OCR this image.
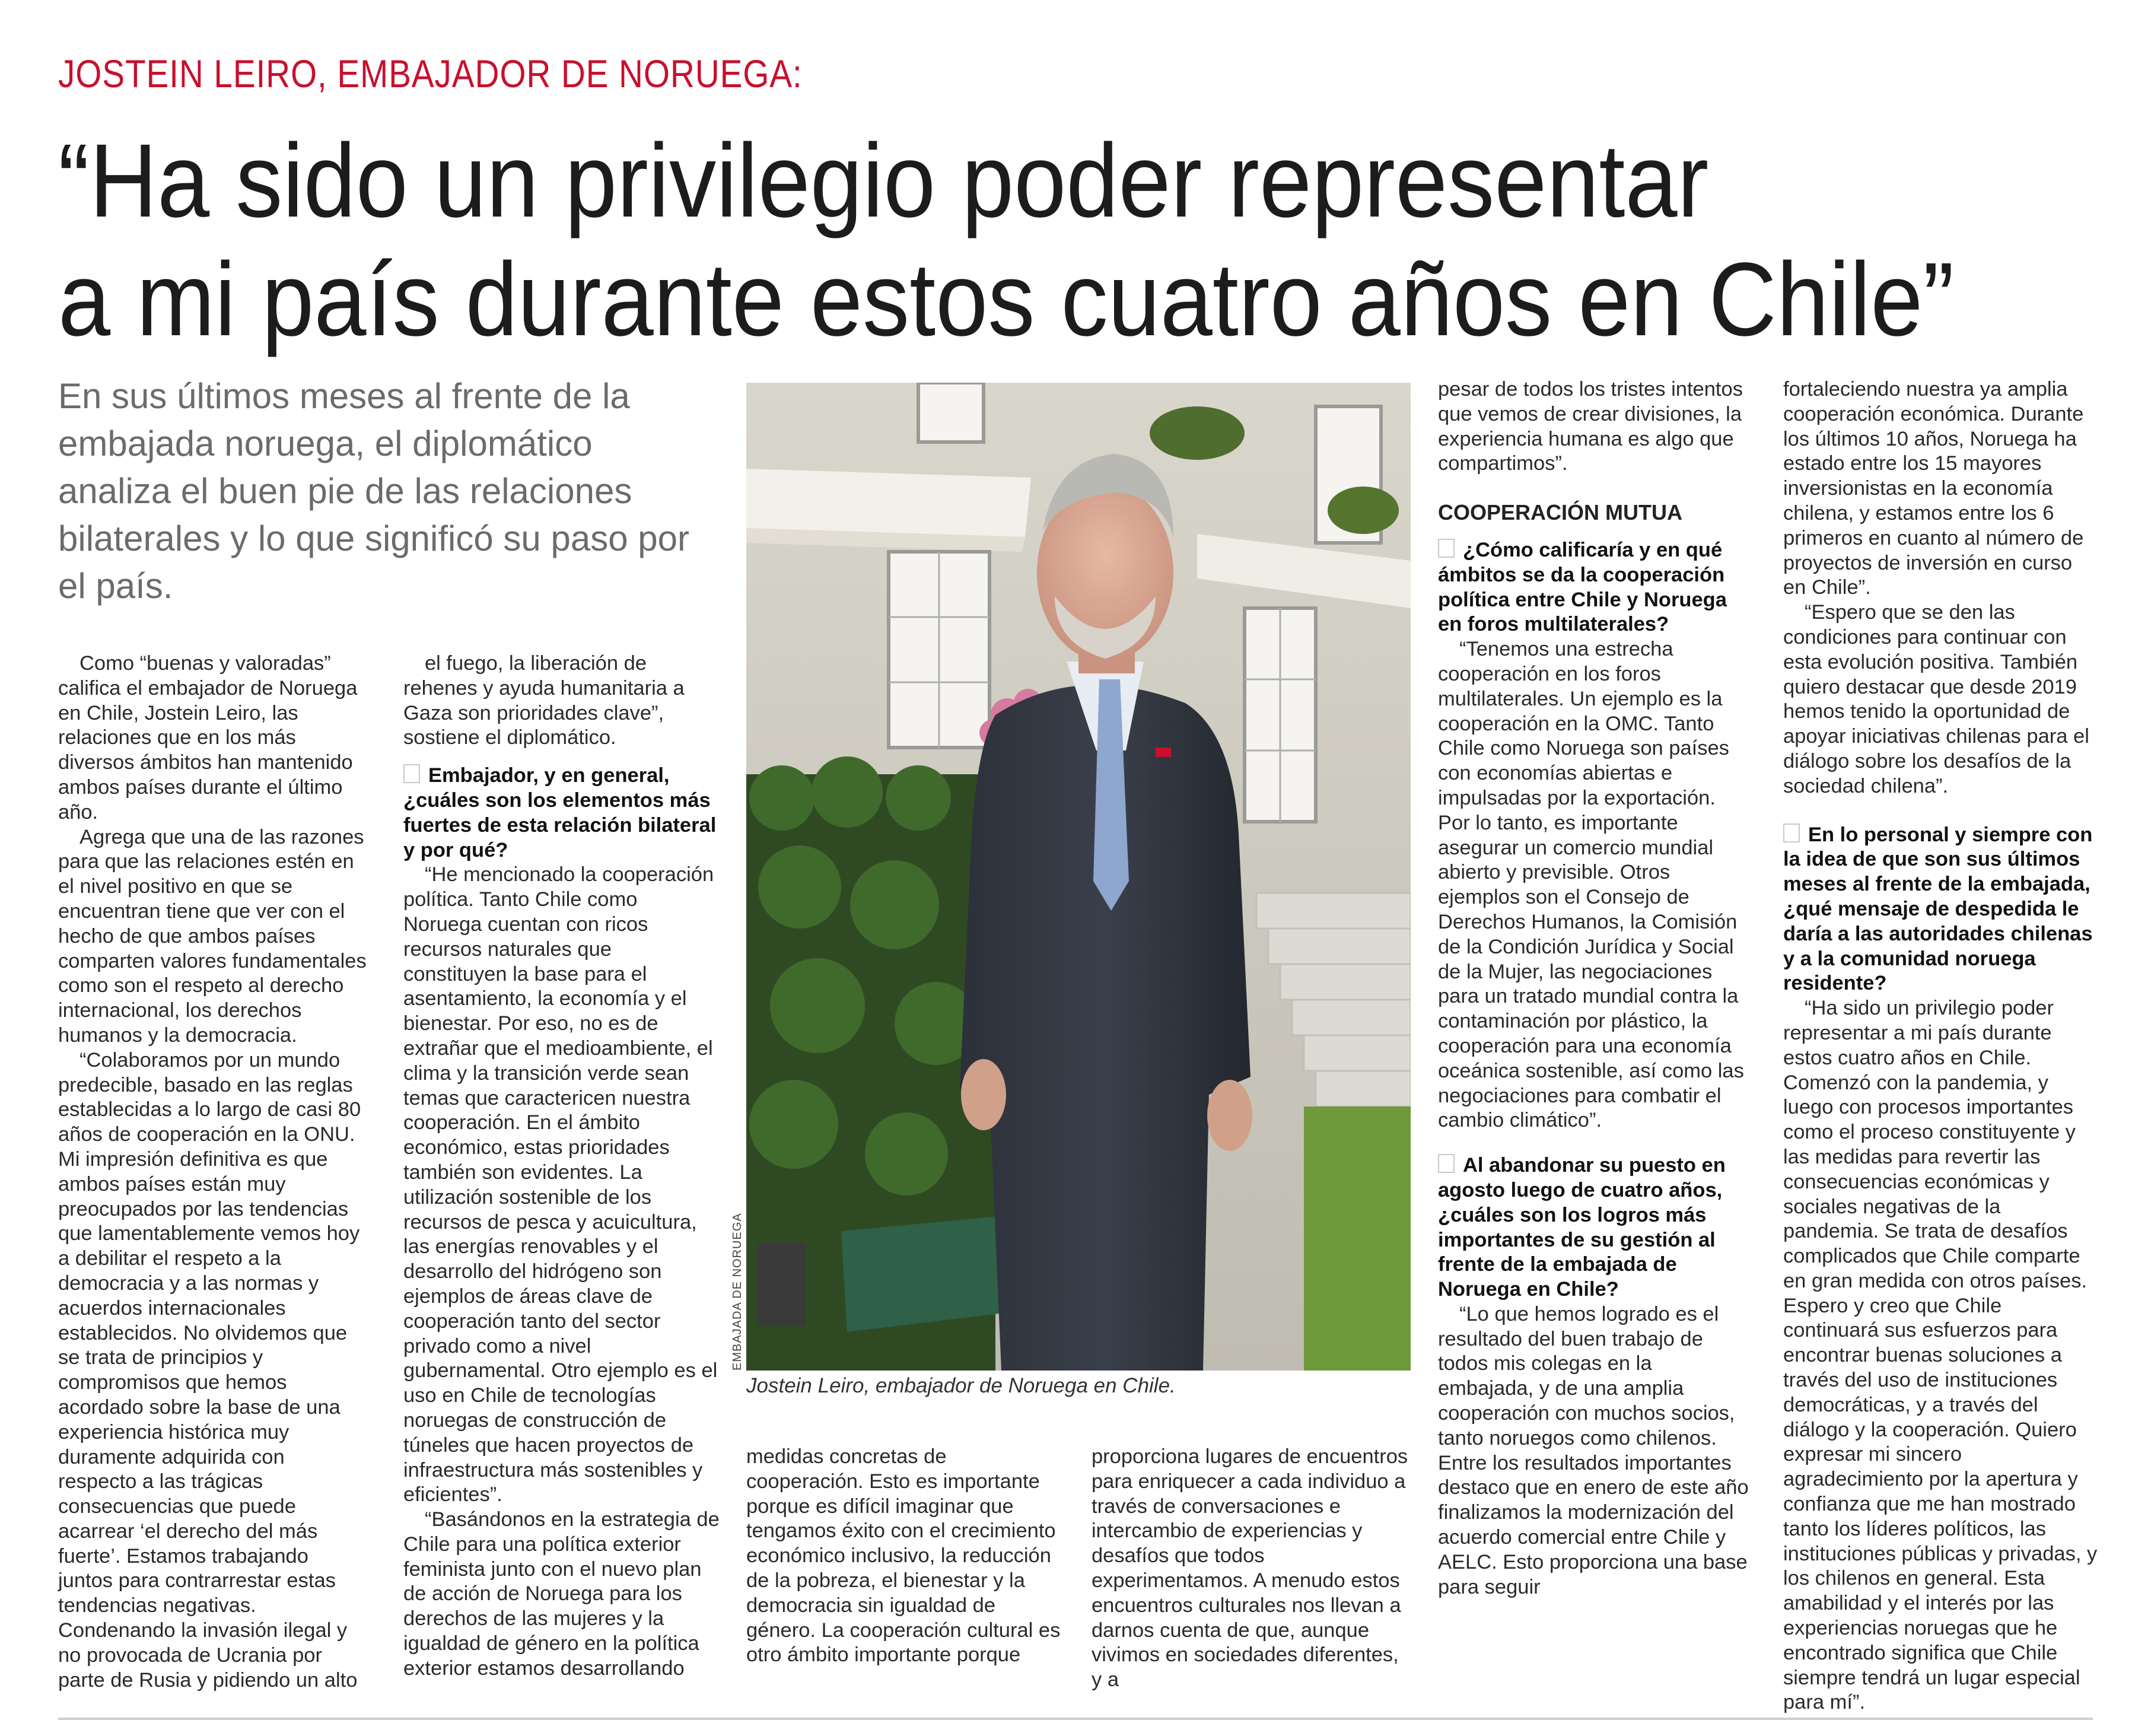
JOSTEIN LEIRO, EMBAJADOR DE NORUEGA:
“Ha sido un privilegio poder representar
a mi país durante estos cuatro años en Chile”

En sus últimos meses al frente de la embajada noruega, el diplomático analiza el buen pie de las relaciones bilaterales y lo que significó su paso por el país.

Como “buenas y valoradas” califica el embajador de Noruega en Chile, Jostein Leiro, las relaciones que en los más diversos ámbitos han mantenido ambos países durante el último año.

Agrega que una de las razones para que las relaciones estén en el nivel positivo en que se encuentran tiene que ver con el hecho de que ambos países comparten valores fundamentales como son el respeto al derecho internacional, los derechos humanos y la democracia.

“Colaboramos por un mundo predecible, basado en las reglas establecidas a lo largo de casi 80 años de cooperación en la ONU. Mi impresión definitiva es que ambos países están muy preocupados por las tendencias que lamentablemente vemos hoy a debilitar el respeto a la democracia y a las normas y acuerdos internacionales establecidos. No olvidemos que se trata de principios y compromisos que hemos acordado sobre la base de una experiencia histórica muy duramente adquirida con respecto a las trágicas consecuencias que puede acarrear ‘el derecho del más fuerte’. Estamos trabajando juntos para contrarrestar estas tendencias negativas. Condenando la invasión ilegal y no provocada de Ucrania por parte de Rusia y pidiendo un alto

el fuego, la liberación de rehenes y ayuda humanitaria a Gaza son prioridades clave”, sostiene el diplomático.

Embajador, y en general, ¿cuáles son los elementos más fuertes de esta relación bilateral y por qué?

“He mencionado la cooperación política. Tanto Chile como Noruega cuentan con ricos recursos naturales que constituyen la base para el asentamiento, la economía y el bienestar. Por eso, no es de extrañar que el medioambiente, el clima y la transición verde sean temas que caractericen nuestra cooperación. En el ámbito económico, estas prioridades también son evidentes. La utilización sostenible de los recursos de pesca y acuicultura, las energías renovables y el desarrollo del hidrógeno son ejemplos de áreas clave de cooperación tanto del sector privado como a nivel gubernamental. Otro ejemplo es el uso en Chile de tecnologías noruegas de construcción de túneles que hacen proyectos de infraestructura más sostenibles y eficientes”.

“Basándonos en la estrategia de Chile para una política exterior feminista junto con el nuevo plan de acción de Noruega para los derechos de las mujeres y la igualdad de género en la política exterior estamos desarrollando

EMBAJADA DE NORUEGA
Jostein Leiro, embajador de Noruega en Chile.

medidas concretas de cooperación. Esto es importante porque es difícil imaginar que tengamos éxito con el crecimiento económico inclusivo, la reducción de la pobreza, el bienestar y la democracia sin igualdad de género. La cooperación cultural es otro ámbito importante porque

proporciona lugares de encuentros para enriquecer a cada individuo a través de conversaciones e intercambio de experiencias y desafíos que todos experimentamos. A menudo estos encuentros culturales nos llevan a darnos cuenta de que, aunque vivimos en sociedades diferentes, y a

pesar de todos los tristes intentos que vemos de crear divisiones, la experiencia humana es algo que compartimos”.

COOPERACIÓN MUTUA

¿Cómo calificaría y en qué ámbitos se da la cooperación política entre Chile y Noruega en foros multilaterales?

“Tenemos una estrecha cooperación en los foros multilaterales. Un ejemplo es la cooperación en la OMC. Tanto Chile como Noruega son países con economías abiertas e impulsadas por la exportación. Por lo tanto, es importante asegurar un comercio mundial abierto y previsible. Otros ejemplos son el Consejo de Derechos Humanos, la Comisión de la Condición Jurídica y Social de la Mujer, las negociaciones para un tratado mundial contra la contaminación por plástico, la cooperación para una economía oceánica sostenible, así como las negociaciones para combatir el cambio climático”.

Al abandonar su puesto en agosto luego de cuatro años, ¿cuáles son los logros más importantes de su gestión al frente de la embajada de Noruega en Chile?

“Lo que hemos logrado es el resultado del buen trabajo de todos mis colegas en la embajada, y de una amplia cooperación con muchos socios, tanto noruegos como chilenos. Entre los resultados importantes destaco que en enero de este año finalizamos la modernización del acuerdo comercial entre Chile y AELC. Esto proporciona una base para seguir

fortaleciendo nuestra ya amplia cooperación económica. Durante los últimos 10 años, Noruega ha estado entre los 15 mayores inversionistas en la economía chilena, y estamos entre los 6 primeros en cuanto al número de proyectos de inversión en curso en Chile”.

“Espero que se den las condiciones para continuar con esta evolución positiva. También quiero destacar que desde 2019 hemos tenido la oportunidad de apoyar iniciativas chilenas para el diálogo sobre los desafíos de la sociedad chilena”.

En lo personal y siempre con la idea de que son sus últimos meses al frente de la embajada, ¿qué mensaje de despedida le daría a las autoridades chilenas y a la comunidad noruega residente?

“Ha sido un privilegio poder representar a mi país durante estos cuatro años en Chile. Comenzó con la pandemia, y luego con procesos importantes como el proceso constituyente y las medidas para revertir las consecuencias económicas y sociales negativas de la pandemia. Se trata de desafíos complicados que Chile comparte en gran medida con otros países. Espero y creo que Chile continuará sus esfuerzos para encontrar buenas soluciones a través del uso de instituciones democráticas, y a través del diálogo y la cooperación. Quiero expresar mi sincero agradecimiento por la apertura y confianza que me han mostrado tanto los líderes políticos, las instituciones públicas y privadas, y los chilenos en general. Esta amabilidad y el interés por las experiencias noruegas que he encontrado significa que Chile siempre tendrá un lugar especial para mí”.
